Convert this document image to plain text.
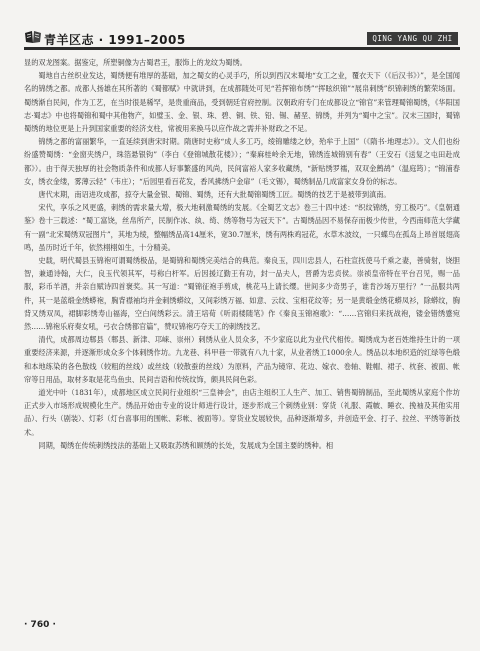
青羊区志 · 1991–2005	QING YANG QU ZHI

显的双龙图案。据鉴定，所塑铜像为古蜀君王，服饰上的龙纹为蜀绣。

蜀地自古丝织业发达，蜀绣便有堆厚的基础，加之蜀女的心灵手巧，所以到西汉末蜀地“女工之业，覆衣天下（《后汉书》）”，是全国闻名的锦绣之都。成都人扬雄在其所著的《蜀都赋》中就讲到，在成都随处可见“若挥锦布绣”“挥眩织锦”“展帛刺绣”织锦刺绣的繁荣场面。蜀绣渐自民间，作为工艺，在当时很是稀罕，是贵重商品，受到朝廷官府控制。汉朝政府专门在成都设立“锦官”来管理蜀锦蜀绣，《华阳国志·蜀志》中也将蜀锦和蜀中其他物产，如璧玉、金、银、珠、碧、铜、铁、铅、锡、赭垩、锦绣，并列为“蜀中之宝”。汉末三国时，蜀锦蜀绣的地位更是上升到国家重要的经济支柱，常被用来换马以应作战之需并补财政之不足。

锦绣之都的富丽繁华，一直延续到唐宋时期。隋唐时史称“成人多工巧，绫锦雕缕之妙，殆牟于上国”（《隋书·地理志》）。文人们也纷纷盛赞蜀绣：“金窗夹绣户，珠箔悬银钩”（李白《登锦城散花楼》）；“秦麻桂岭余无地，锦绣连城锦别有春”（王安石《送复之屯田赴成都》）。由于得天独厚的社会物质条件和成都人好事繁盛的风尚，民间富裕人家多收藏绣，“新贴绣罗襦，双双金鹧鸪”（温庭筠）；“锦浦春女，绣衣金缕，雾薄云轻”（韦庄）；“后园里看百花发，香风拂绣户金扉”（毛文锡），蜀绣制品几成富家女身份的标志。

唐代末期，南诏进攻成都，掠夺大量金银、蜀锦、蜀绣，还有大批蜀锦蜀绣工匠。蜀绣的技艺于是被带到滇南。

宋代，享乐之风更盛，刺绣的需求量大增，极大地刺激蜀绣的发展。《全蜀艺文志》卷三十四中述：“织纹锦绣，穷工极巧”。《皇朝通鉴》卷十三载述：“蜀工富饶，丝帛所产，民制作冰、纨、绮、绣等物号为冠天下”。古蜀绣品因不易保存而极少传世，今西南师范大学藏有一副“北宋蜀绣双冠图片”，其地为绫，整幅绣品高14厘米，宽30.7厘米，绣有两株鸡冠花，水草木波纹，一只蝶鸟在孤岛上昂首展翅高鸣，虽历时近千年，依然栩栩如生，十分精美。

史载，明代蜀县玉锦袍可谓蜀绣极品，是蜀锦和蜀绣完美结合的典范。秦良玉，四川忠县人，石柱宣抚使马千乘之妻，善骑射，饶胆智，兼通诗翰，大仁，良玉代领其军，号称白杆军。后因援辽勤王有功，封一品夫人，晋爵为忠贞侯。崇祯皇帝特在平台召见，赐一品服，彩币羊酒，并亲自赋诗四首褒奖。其一写道：“蜀锦征袍手剪成，桃花马上请长缨。世间多少奇男子，谁肯沙场万里行？”一品服共两件，其一是蓝缎金绣蟒袍，胸背襟袖均并金刺绣蟒纹，又间彩绣万福、如意、云纹、宝相花纹等；另一是黄缎金绣花蟒凤衫，除蟒纹，胸背又绣双凤，裙脚彩绣寿山福海，空白间绣彩云。清王培荀《听雨楼随笔》作《秦良玉锦袍歌》：“……宫锦归来抚战袍，镂金错绣蹙宛然……锦袍乐府奏女吼，弓衣合绣都官篇”，赞叹锦袍巧夺天工的刺绣技艺。

清代，成都周边郫县（郫县、新津、邛崃、崇州）刺绣从业人员众多，不少家庭以此为业代代相传。蜀绣成为老百姓维持生计的一项重要经济来源，并逐渐形成众多个体刺绣作坊。九龙巷、科甲巷一带就有八九十家，从业者绣工1000余人。绣品以本地织造的红绿等色缎和本地练染的各色散线（较粗的丝线）或丝线（较散蚕的丝线）为原料，产品为镜帘、花边、嫁衣、卷轴、鞋帽、裙子、枕套、被面、帐帘等日用品，取材多取是花鸟鱼虫、民间吉语和传统纹饰，颇具民间色彩。

道光中叶（1831年），成都地区成立民间行业组织“三皇神会”，由店主组织工人生产、加工、销售蜀锦制品，至此蜀绣从家庭个作坊正式步入市场形成规模化生产。绣品开始由专业的设计师进行设计，逐步形成三个刺绣业别：穿货（礼服、霞帔、睡衣、挽袖及其他实用品）、行头（剧装）、灯彩（灯台喜事用的围帐、彩帐、被面等）。穿货业发展较快，品种逐渐增多，并创造平金、打子、拉丝、平绣等新技术。

同期，蜀绣在传统刺绣技法的基础上又吸取苏绣和顾绣的长处，发展成为全国主要的绣种。相

· 760 ·
